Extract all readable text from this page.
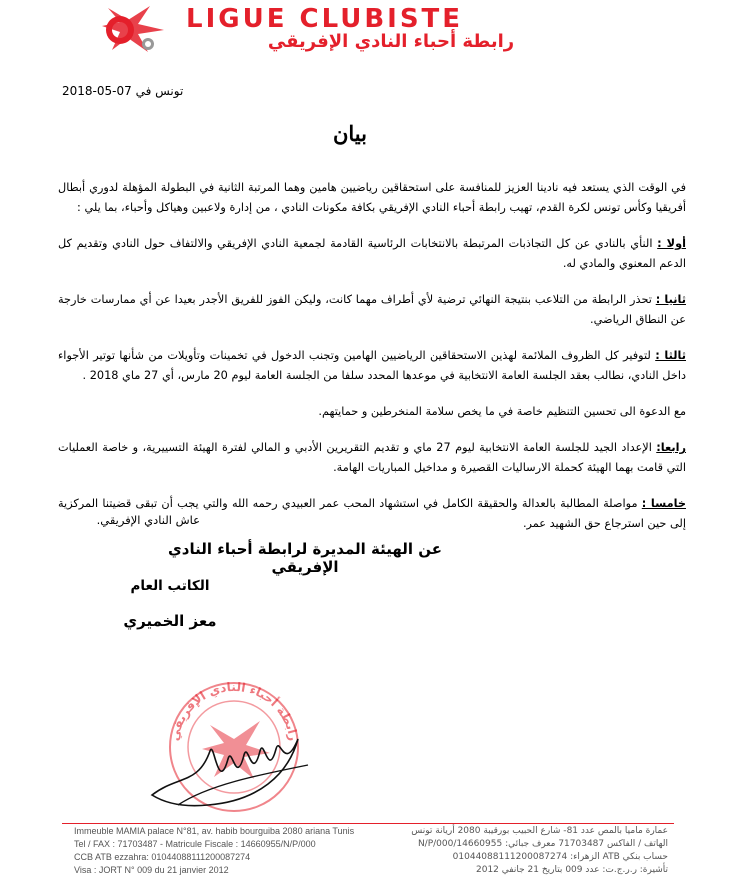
LIGUE CLUBISTE
رابطة أحباء النادي الإفريقي
2018-05-07 تونس في
بيان

في الوقت الذي يستعد فيه نادينا العزيز للمنافسة على استحقاقين رياضيين هامين وهما المرتبة الثانية في البطولة المؤهلة لدوري أبطال أفريقيا وكأس تونس لكرة القدم، تهيب رابطة أحباء النادي الإفريقي بكافة مكونات النادي ، من إدارة ولاعبين وهياكل وأحباء، بما يلي :

أولا : النأي بالنادي عن كل التجاذبات المرتبطة بالانتخابات الرئاسية القادمة لجمعية النادي الإفريقي والالتفاف حول النادي وتقديم كل الدعم المعنوي والمادي له.

ثانيا : تحذر الرابطة من التلاعب بنتيجة النهائي ترضية لأي أطراف مهما كانت، وليكن الفوز للفريق الأجدر بعيدا عن أي ممارسات خارجة عن النطاق الرياضي.

ثالثا : لتوفير كل الظروف الملائمة لهذين الاستحقاقين الرياضيين الهامين وتجنب الدخول في تخمينات وتأويلات من شأنها توتير الأجواء داخل النادي، نطالب بعقد الجلسة العامة الانتخابية في موعدها المحدد سلفا من الجلسة العامة ليوم 20 مارس، أي 27 ماي 2018 .

مع الدعوة الى تحسين التنظيم خاصة في ما يخص سلامة المنخرطين و حمايتهم.

رابعا: الإعداد الجيد للجلسة العامة الانتخابية ليوم 27 ماي و تقديم التقريرين الأدبي و المالي لفترة الهيئة التسييرية، و خاصة العمليات التي قامت بهما الهيئة كحملة الارساليات القصيرة و مداخيل المباريات الهامة.

خامسا : مواصلة المطالبة بالعدالة والحقيقة الكامل في استشهاد المحب عمر العبيدي رحمه الله والتي يجب أن تبقى قضيتنا المركزية إلى حين استرجاع حق الشهيد عمر.

عاش النادي الإفريقي.
عن الهيئة المديرة لرابطة أحباء النادي الإفريقي
الكاتب العام
معز الخميري
رابطة أحباء النادي الإفريقي
Immeuble MAMIA palace N°81, av. habib bourguiba 2080 ariana Tunis
Tel / FAX : 71703487 - Matricule Fiscale : 14660955/N/P/000
CCB ATB ezzahra: 01044088111200087274
Visa : JORT N° 009 du 21 janvier 2012
عمارة ماميا بالمص عدد 81- شارع الحبيب بورقيبة 2080 أريانة تونس
الهاتف / الفاكس 71703487 معرف جبائي: 14660955/N/P/000
حساب بنكي ATB الزهراء: 01044088111200087274
تأشيرة: ر.ر.ج.ت: عدد 009 بتاريخ 21 جانفي 2012
